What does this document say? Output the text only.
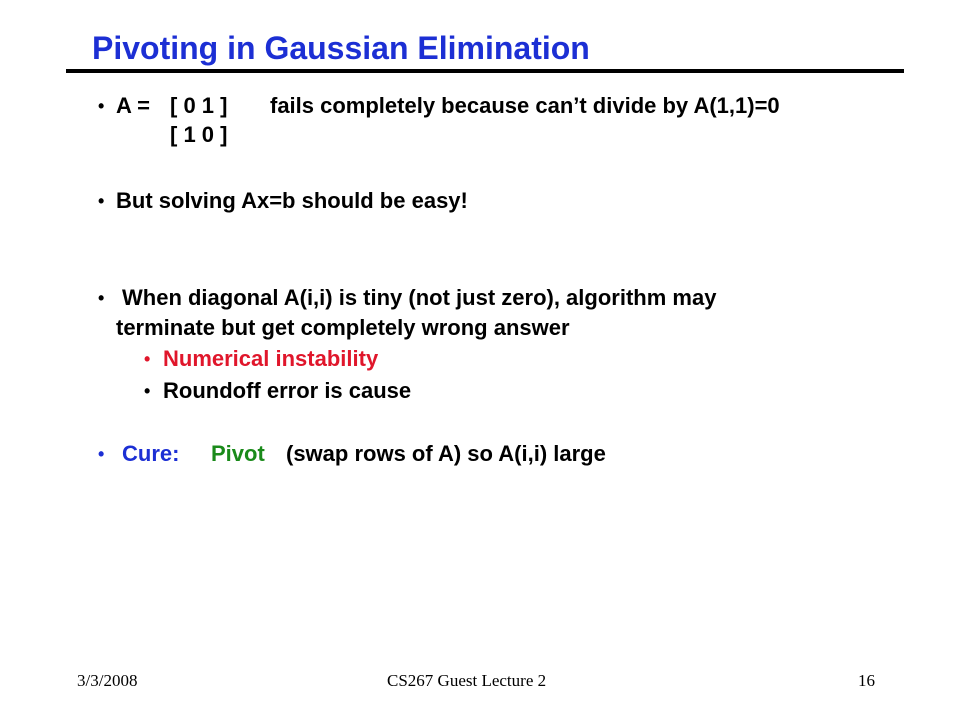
Pivoting in Gaussian Elimination
• A = [ 0 1 ] fails completely because can’t divide by A(1,1)=0
[ 1 0 ]
• But solving Ax=b should be easy!
• When diagonal A(i,i) is tiny (not just zero), algorithm may
terminate but get completely wrong answer
• Numerical instability
• Roundoff error is cause
• Cure: Pivot (swap rows of A) so A(i,i) large
3/3/2008	CS267 Guest Lecture 2	16
